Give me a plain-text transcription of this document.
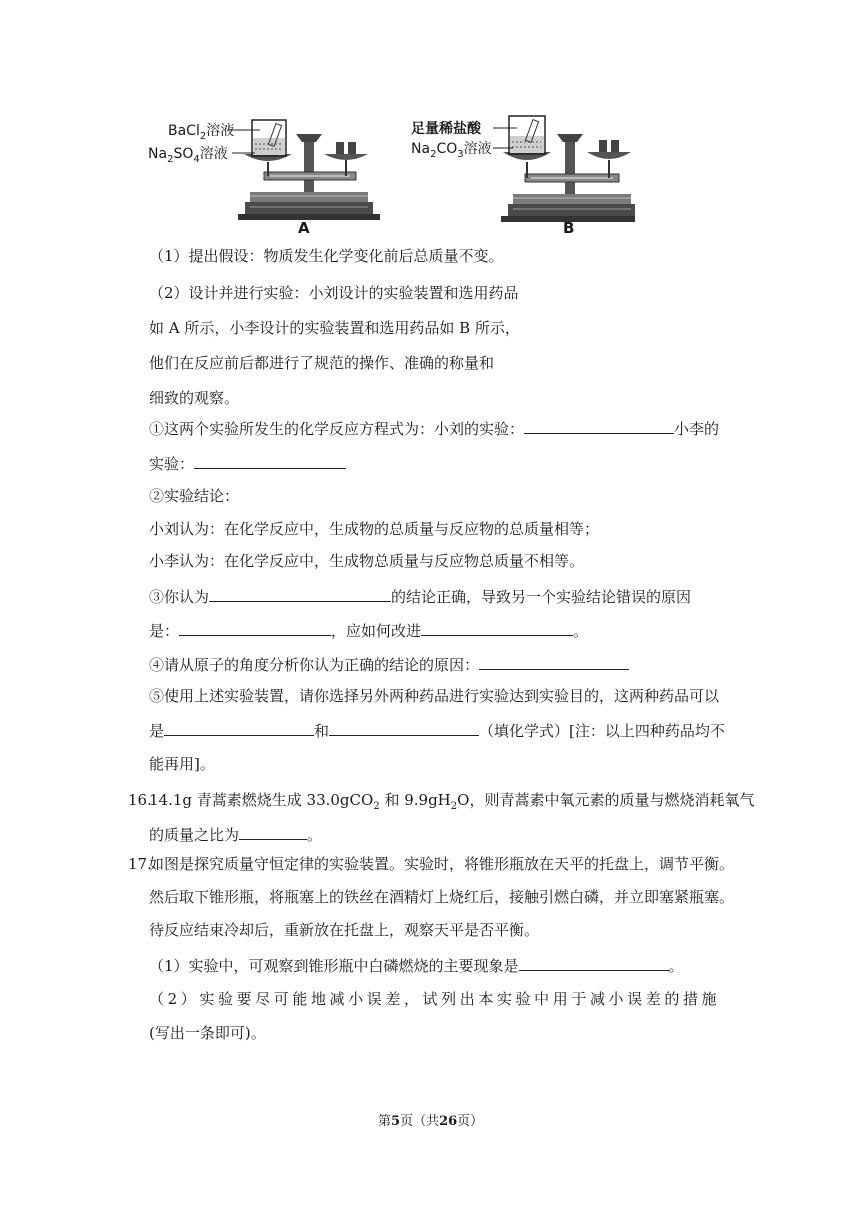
BaCl$_2$溶液
$Na_2SO_4$溶液
A
足量稀盐酸
$Na_2CO_3$溶液
B
（1）提出假设：物质发生化学变化前后总质量不变。
（2）设计并进行实验：小刘设计的实验装置和选用药品
如 A 所示，小李设计的实验装置和选用药品如 B 所示，
他们在反应前后都进行了规范的操作、准确的称量和
细致的观察。
①这两个实验所发生的化学反应方程式为：小刘的实验：	小李的
实验：
②实验结论：
小刘认为：在化学反应中，生成物的总质量与反应物的总质量相等；
小李认为：在化学反应中，生成物总质量与反应物总质量不相等。
③你认为	的结论正确，导致另一个实验结论错误的原因
是：	，应如何改进	。
④请从原子的角度分析你认为正确的结论的原因：
⑤使用上述实验装置，请你选择另外两种药品进行实验达到实验目的，这两种药品可以
是	和	（填化学式）[注：以上四种药品均不
能再用]。
16.
14.1g 青蒿素燃烧生成 33.0gCO$_2$ 和 $9.9gH_2O$，则青蒿素中氧元素的质量与燃烧消耗氧气
的质量之比为	。
17.
如图是探究质量守恒定律的实验装置。实验时，将锥形瓶放在天平的托盘上，调节平衡。
然后取下锥形瓶，将瓶塞上的铁丝在酒精灯上烧红后，接触引燃白磷，并立即塞紧瓶塞。
待反应结束冷却后，重新放在托盘上，观察天平是否平衡。
（1）实验中，可观察到锥形瓶中白磷燃烧的主要现象是	。
（2）实验要尽可能地减小误差，试列出本实验中用于减小误差的措施
(写出一条即可)。
第5页（共26页）
